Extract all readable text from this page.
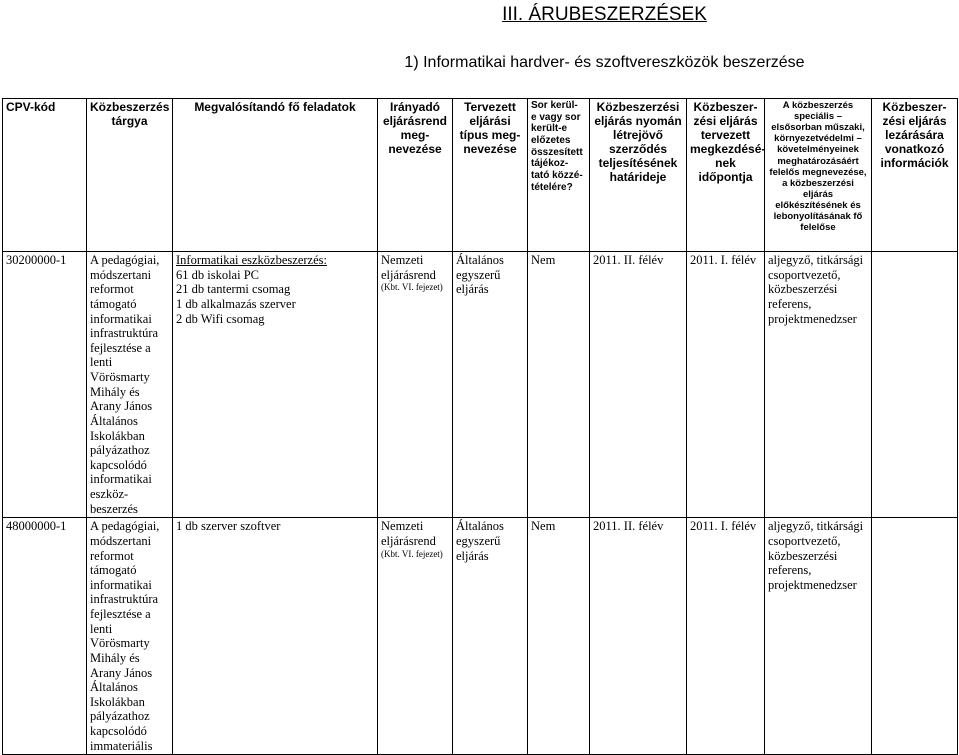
III. ÁRUBESZERZÉSEK
1) Informatikai hardver- és szoftvereszközök beszerzése
CPV-kód	Közbeszerzés tárgya	Megvalósítandó fő feladatok	Irányadó eljárásrend meg-
nevezése	Tervezett eljárási típus meg-
nevezése	Sor kerül-
e vagy sor került-e előzetes összesített tájékoz-
tató közzé-
tételére?	Közbeszerzési eljárás nyomán létrejövő szerződés teljesítésének határideje	Közbeszer-
zési eljárás tervezett megkezdésé-
nek időpontja	A közbeszerzés speciális – elsősorban műszaki, környezetvédelmi – követelményeinek meghatározásáért felelős megnevezése, a közbeszerzési eljárás előkészítésének és lebonyolításának fő felelőse	Közbeszer-
zési eljárás lezárására vonatkozó információk
30200000-1	A pedagógiai, módszertani reformot támogató informatikai infrastruktúra fejlesztése a lenti Vörösmarty Mihály és Arany János Általános Iskolákban pályázathoz kapcsolódó informatikai eszköz-
beszerzés	Informatikai eszközbeszerzés:
61 db iskolai PC
21 db tantermi csomag
1 db alkalmazás szerver
2 db Wifi csomag	Nemzeti eljárásrend
(Kbt. VI. fejezet)	Általános egyszerű eljárás	Nem	2011. II. félév	2011. I. félév	aljegyző, titkársági csoportvezető, közbeszerzési referens, projektmenedzser	
48000000-1	A pedagógiai, módszertani reformot támogató informatikai infrastruktúra fejlesztése a lenti Vörösmarty Mihály és Arany János Általános Iskolákban pályázathoz kapcsolódó immateriális	1 db szerver szoftver	Nemzeti eljárásrend
(Kbt. VI. fejezet)	Általános egyszerű eljárás	Nem	2011. II. félév	2011. I. félév	aljegyző, titkársági csoportvezető, közbeszerzési referens, projektmenedzser	
